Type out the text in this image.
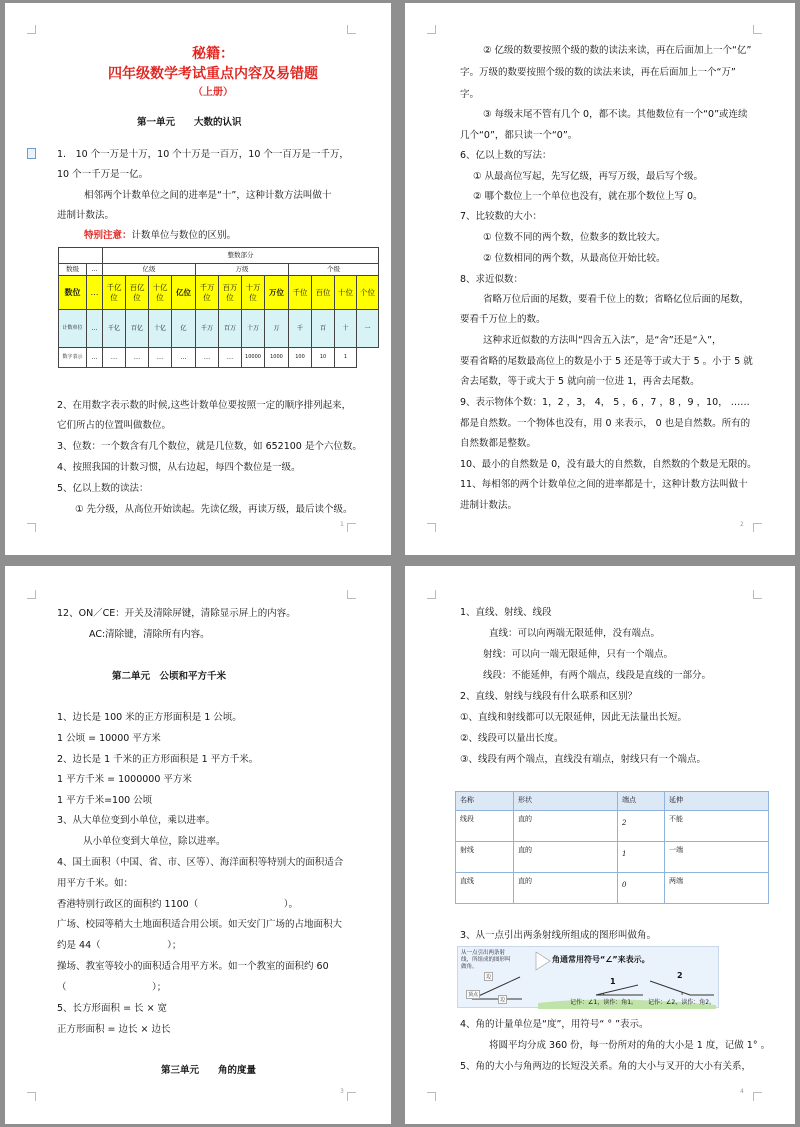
秘籍：
四年级数学考试重点内容及易错题
（上册）
第一单元　　大数的认识
1.　10 个一万是十万，10 个十万是一百万，10 个一百万是一千万，
10 个一千万是一亿。
相邻两个计数单位之间的进率是“十”，这种计数方法叫做十
进制计数法。
特别注意：计数单位与数位的区别。
		整数部分											
数级	…	亿级				万级				个级			
数位	…	千亿位	百亿位	十亿位	亿位	千万位	百万位	十万位	万位	千位	百位	十位	个位
计数单位	…	千亿	百亿	十亿	亿	千万	百万	十万	万	千	百	十	一
数字表示	…	…	…	…	…	…	…	10000	1000	100	10	1	
2、在用数字表示数的时候,这些计数单位要按照一定的顺序排列起来，
它们所占的位置叫做数位。
3、位数：一个数含有几个数位，就是几位数，如 652100 是个六位数。
4、按照我国的计数习惯，从右边起，每四个数位是一级。
5、亿以上数的读法：
① 先分级，从高位开始读起。先读亿级，再读万级，最后读个级。
1
② 亿级的数要按照个级的数的读法来读，再在后面加上一个“亿”
字。万级的数要按照个级的数的读法来读，再在后面加上一个“万”
字。
③ 每级末尾不管有几个 0，都不读。其他数位有一个“0”或连续
几个“0”，都只读一个“0”。
6、亿以上数的写法：
① 从最高位写起，先写亿级，再写万级，最后写个级。
② 哪个数位上一个单位也没有，就在那个数位上写 0。
7、比较数的大小：
① 位数不同的两个数，位数多的数比较大。
② 位数相同的两个数，从最高位开始比较。
8、求近似数：
省略万位后面的尾数，要看千位上的数；省略亿位后面的尾数，
要看千万位上的数。
这种求近似数的方法叫“四舍五入法”，是“舍”还是“入”，
要看省略的尾数最高位上的数是小于 5 还是等于或大于 5 。小于 5 就
舍去尾数，等于或大于 5 就向前一位进 1，再舍去尾数。
9、表示物体个数：1，2 ，3， 4， 5 ，6 ，7 ，8 ，9 ，10， ……
都是自然数。一个物体也没有，用 0 来表示， 0 也是自然数。所有的
自然数都是整数。
10、最小的自然数是 0，没有最大的自然数，自然数的个数是无限的。
11、每相邻的两个计数单位之间的进率都是十，这种计数方法叫做十
进制计数法。
2
12、ON／CE：开关及清除屏键，清除显示屏上的内容。
AC:清除键，清除所有内容。
第二单元　公顷和平方千米
1、边长是 100 米的正方形面积是 1 公顷。
1 公顷 = 10000 平方米
2、边长是 1 千米的正方形面积是 1 平方千米。
1 平方千米 = 1000000 平方米
1 平方千米=100 公顷
3、从大单位变到小单位，乘以进率。
从小单位变到大单位，除以进率。
4、国土面积（中国、省、市、区等）、海洋面积等特别大的面积适合
用平方千米。如：
香港特别行政区的面积约 1100（　　　　　　　　　）。
广场、校园等稍大土地面积适合用公顷。如天安门广场的占地面积大
约是 44（　　　　　　　）；
操场、教室等较小的面积适合用平方米。如一个教室的面积约 60
（　　　　　　　　　）；
5、长方形面积 = 长 × 宽
正方形面积 = 边长 × 边长
第三单元　　角的度量
3
1、直线、射线、线段
直线：可以向两端无限延伸，没有端点。
射线：可以向一端无限延伸，只有一个端点。
线段：不能延伸，有两个端点，线段是直线的一部分。
2、直线、射线与线段有什么联系和区别？
①、直线和射线都可以无限延伸，因此无法量出长短。
②、线段可以量出长度。
③、线段有两个端点，直线没有端点，射线只有一个端点。
名称	形状	端点	延伸
线段	直的	2	不能
射线	直的	1	一端
直线	直的	0	两端
3、从一点引出两条射线所组成的图形叫做角。
从一点引出两条射线，所组成的图形叫做角。
角通常用符号“∠”来表示。
顶点
边
边
1
2
记作：∠1，读作：角1。 记作：∠2，读作：角2。
4、角的计量单位是“度”，用符号“ ° ”表示。
将圆平均分成 360 份，每一份所对的角的大小是 1 度，记做 1° 。
5、角的大小与角两边的长短没关系。角的大小与叉开的大小有关系，
4
